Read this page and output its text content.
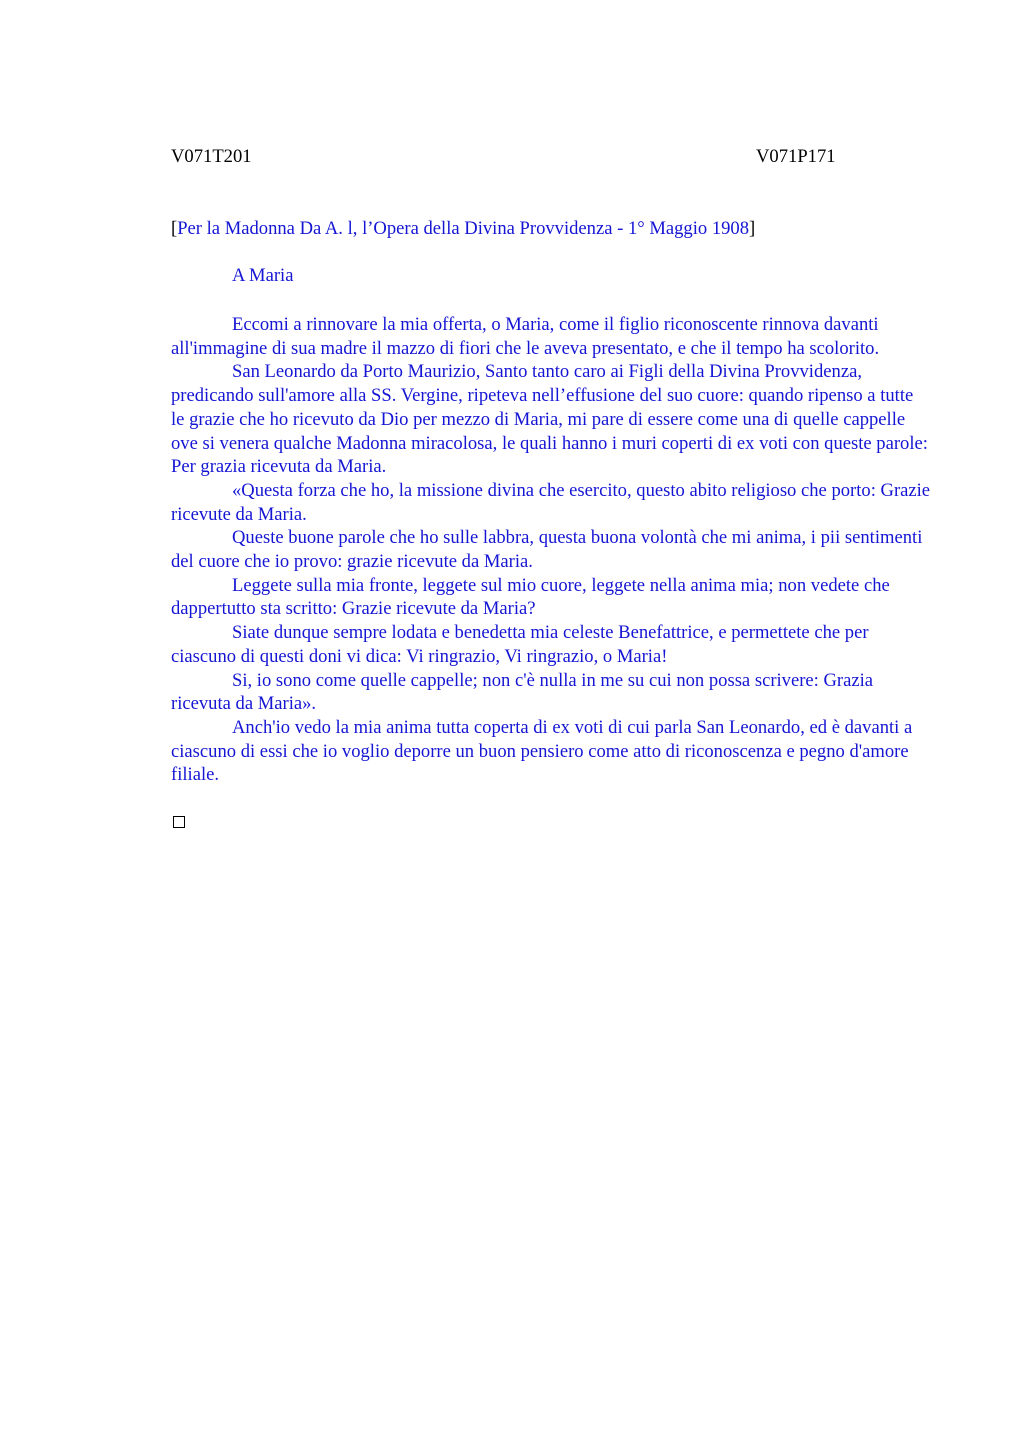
V071T201	V071P171
[Per la Madonna Da A. l, l’Opera della Divina Provvidenza - 1° Maggio 1908]
A Maria

Eccomi a rinnovare la mia offerta, o Maria, come il figlio riconoscente rinnova davanti all'immagine di sua madre il mazzo di fiori che le aveva presentato, e che il tempo ha scolorito.

San Leonardo da Porto Maurizio, Santo tanto caro ai Figli della Divina Provvidenza, predicando sull'amore alla SS. Vergine, ripeteva nell’effusione del suo cuore: quando ripenso a tutte le grazie che ho ricevuto da Dio per mezzo di Maria, mi pare di essere come una di quelle cappelle ove si venera qualche Madonna miracolosa, le quali hanno i muri coperti di ex voti con queste parole: Per grazia ricevuta da Maria.

«Questa forza che ho, la missione divina che esercito, questo abito religioso che porto: Grazie ricevute da Maria.

Queste buone parole che ho sulle labbra, questa buona volontà che mi anima, i pii sentimenti del cuore che io provo: grazie ricevute da Maria.

Leggete sulla mia fronte, leggete sul mio cuore, leggete nella anima mia; non vedete che dappertutto sta scritto: Grazie ricevute da Maria?

Siate dunque sempre lodata e benedetta mia celeste Benefattrice, e permettete che per ciascuno di questi doni vi dica: Vi ringrazio, Vi ringrazio, o Maria!

Si, io sono come quelle cappelle; non c'è nulla in me su cui non possa scrivere: Grazia ricevuta da Maria».

Anch'io vedo la mia anima tutta coperta di ex voti di cui parla San Leonardo, ed è davanti a ciascuno di essi che io voglio deporre un buon pensiero come atto di riconoscenza e pegno d'amore filiale.
